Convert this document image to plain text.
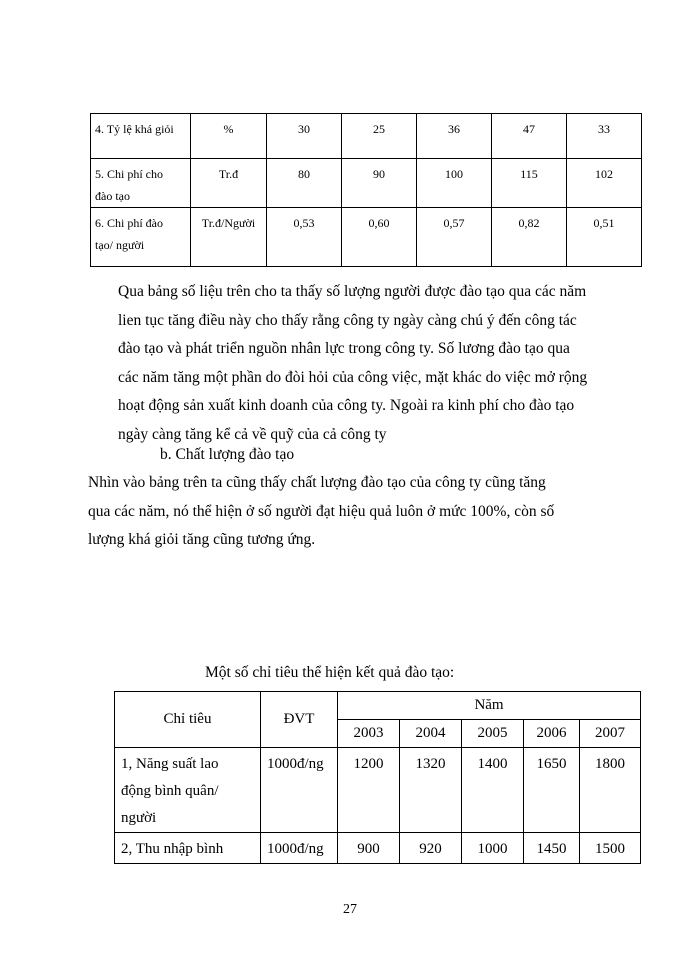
4. Tỷ lệ khá giỏi	%	30	25	36	47	33

5. Chi phí cho
đào tạo	Tr.đ	80	90	100	115	102

6. Chi phí đào
tạo/ người	Tr.đ/Người	0,53	0,60	0,57	0,82	0,51
Qua bảng số liệu trên cho ta thấy số lượng người được đào tạo qua các năm
lien tục tăng điều này cho thấy rằng công ty ngày càng chú ý đến công tác
đào tạo và phát triển nguồn nhân lực trong công ty. Số lương đào tạo qua
các năm tăng một phần do đòi hỏi của công việc, mặt khác do việc mở rộng
hoạt động sản xuất kinh doanh của công ty. Ngoài ra kinh phí cho đào tạo
ngày càng tăng kể cả về quỹ của cả công ty
b. Chất lượng đào tạo
Nhìn vào bảng trên ta cũng thấy chất lượng đào tạo của công ty cũng tăng
qua các năm, nó thể hiện ở số người đạt hiệu quả luôn ở mức 100%, còn số
lượng khá giỏi tăng cũng tương ứng.
Một số chỉ tiêu thể hiện kết quả đào tạo:
Chỉ tiêu	ĐVT	Năm				
		2003	2004	2005	2006	2007

1, Năng suất lao
động bình quân/
người	1000đ/ng	1200	1320	1400	1650	1800
2, Thu nhập bình	1000đ/ng	900	920	1000	1450	1500
27
